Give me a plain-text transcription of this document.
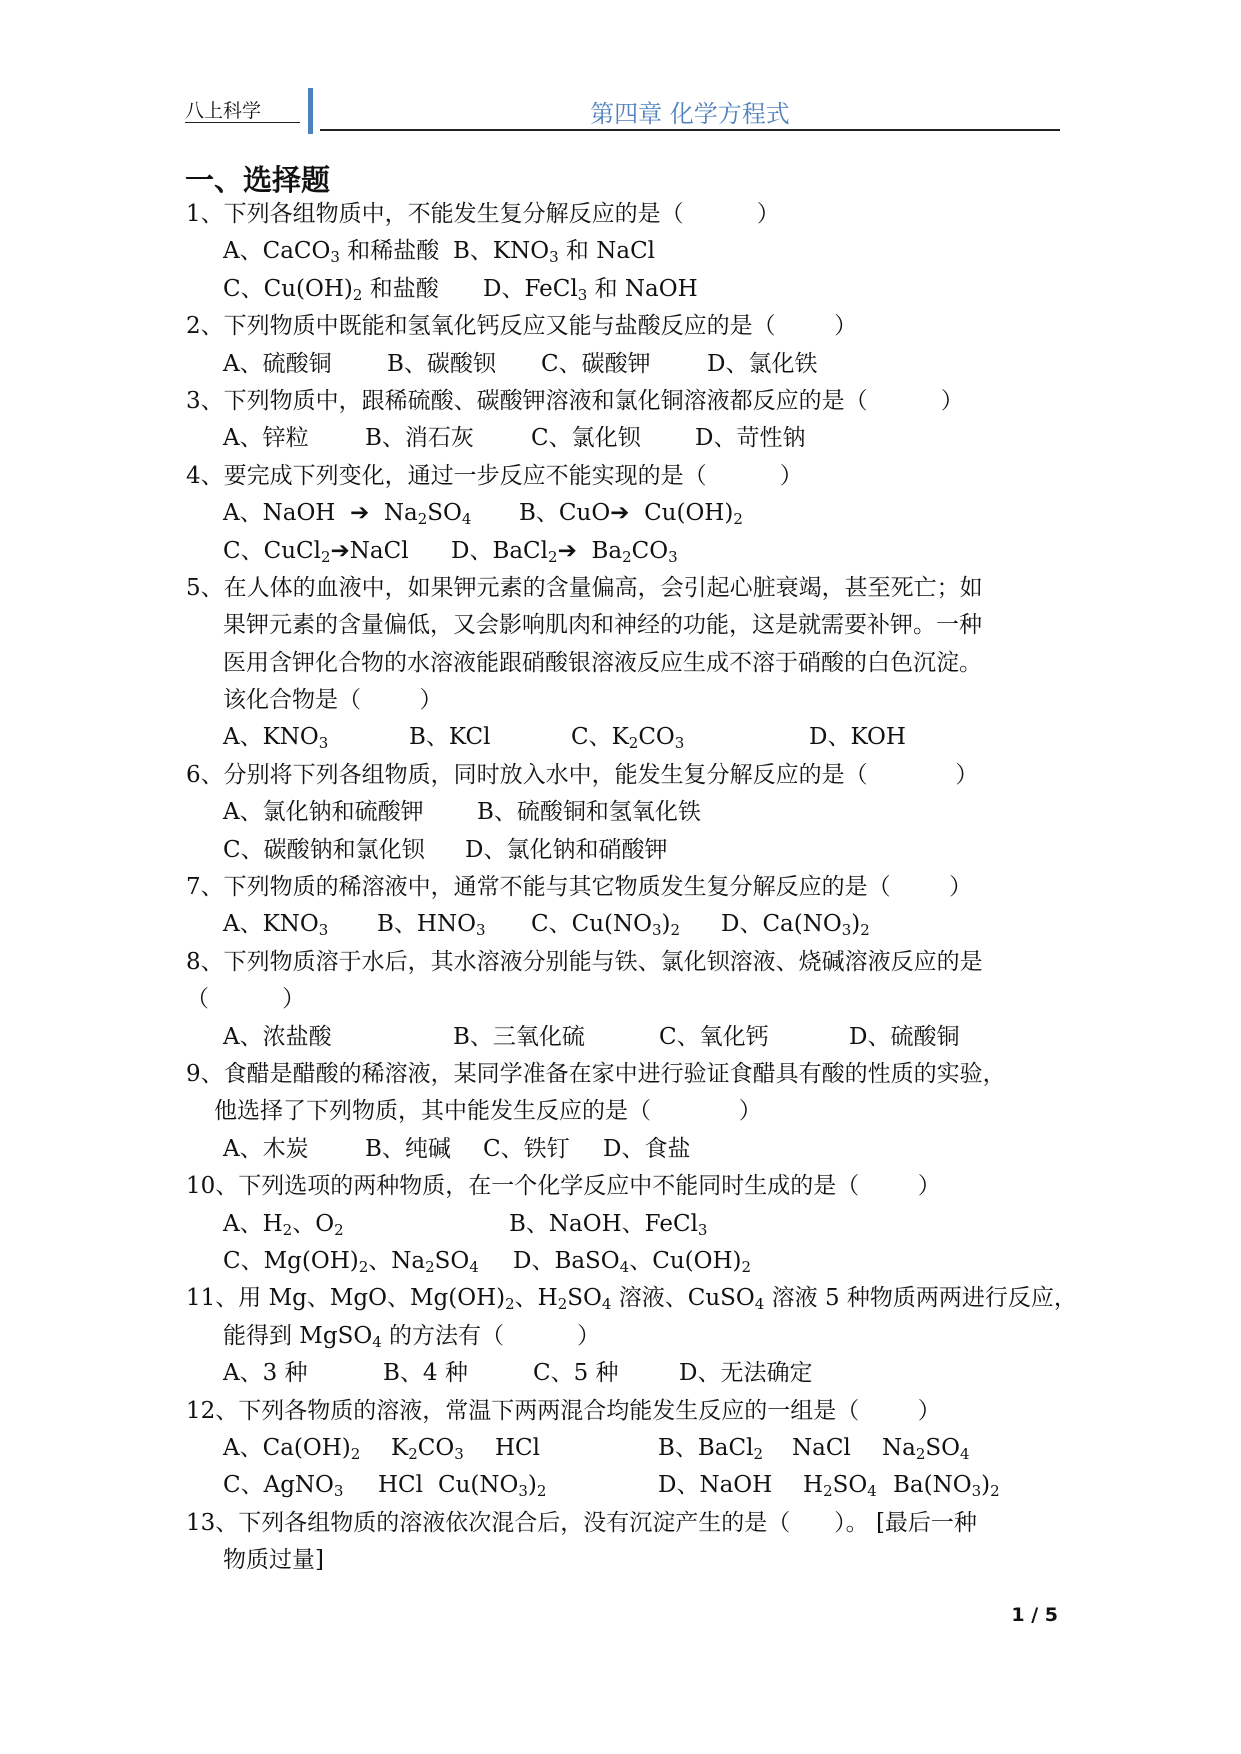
八上科学	第四章 化学方程式
一、选择题
1、下列各组物质中，不能发生复分解反应的是（          ）
A、CaCO$_3$ 和稀盐酸 B、$KNO_3$ 和 NaCl
C、$Cu(OH)_2$ 和盐酸	D、FeCl$_3$ 和 NaOH
2、下列物质中既能和氢氧化钙反应又能与盐酸反应的是（        ）
A、硫酸铜	B、碳酸钡	C、碳酸钾	D、氯化铁
3、下列物质中，跟稀硫酸、碳酸钾溶液和氯化铜溶液都反应的是（          ）
A、锌粒	B、消石灰	C、氯化钡	D、苛性钠
4、要完成下列变化，通过一步反应不能实现的是（          ）
A、NaOH  ➔  $Na_2SO_4$	B、CuO➔  $Cu(OH)_2$
C、CuCl$_2$➔NaCl	D、BaCl$_2$➔  $Ba_2CO_3$
5、在人体的血液中，如果钾元素的含量偏高，会引起心脏衰竭，甚至死亡；如
果钾元素的含量偏低，又会影响肌肉和神经的功能，这是就需要补钾。一种
医用含钾化合物的水溶液能跟硝酸银溶液反应生成不溶于硝酸的白色沉淀。
该化合物是（        ）
A、$KNO_3$	B、KCl	C、$K_2CO_3$	D、KOH
6、分别将下列各组物质，同时放入水中，能发生复分解反应的是（            ）
A、氯化钠和硫酸钾	B、硫酸铜和氢氧化铁
C、碳酸钠和氯化钡	D、氯化钠和硝酸钾
7、下列物质的稀溶液中，通常不能与其它物质发生复分解反应的是（        ）
A、$KNO_3$	B、$HNO_3$	C、$Cu(NO_3)_2$	D、$Ca(NO_3)_2$
8、下列物质溶于水后，其水溶液分别能与铁、氯化钡溶液、烧碱溶液反应的是
（          ）
A、浓盐酸	B、三氧化硫	C、氧化钙	D、硫酸铜
9、食醋是醋酸的稀溶液，某同学准备在家中进行验证食醋具有酸的性质的实验，
他选择了下列物质，其中能发生反应的是（            ）
A、木炭	B、纯碱	C、铁钉	D、食盐
10、下列选项的两种物质，在一个化学反应中不能同时生成的是（        ）
A、$H_2$、$O_2$	B、NaOH、FeCl$_3$
C、$Mg(OH)_2$、$Na_2SO_4$	D、BaSO$_4$、$Cu(OH)_2$
11、用 Mg、MgO、$Mg(OH)_2$、$H_2SO_4$ 溶液、CuSO$_4$ 溶液 5 种物质两两进行反应，
能得到 MgSO$_4$ 的方法有（          ）
A、3 种	B、4 种	C、5 种	D、无法确定
12、下列各物质的溶液，常温下两两混合均能发生反应的一组是（        ）
A、$Ca(OH)_2$	$K_2CO_3$	HCl	B、BaCl$_2$	NaCl	$Na_2SO_4$
C、AgNO$_3$	HCl $Cu(NO_3)_2$	D、NaOH	$H_2SO_4$ $Ba(NO_3)_2$
13、下列各组物质的溶液依次混合后，没有沉淀产生的是（      ）。 [最后一种
物质过量]
1 / 5
